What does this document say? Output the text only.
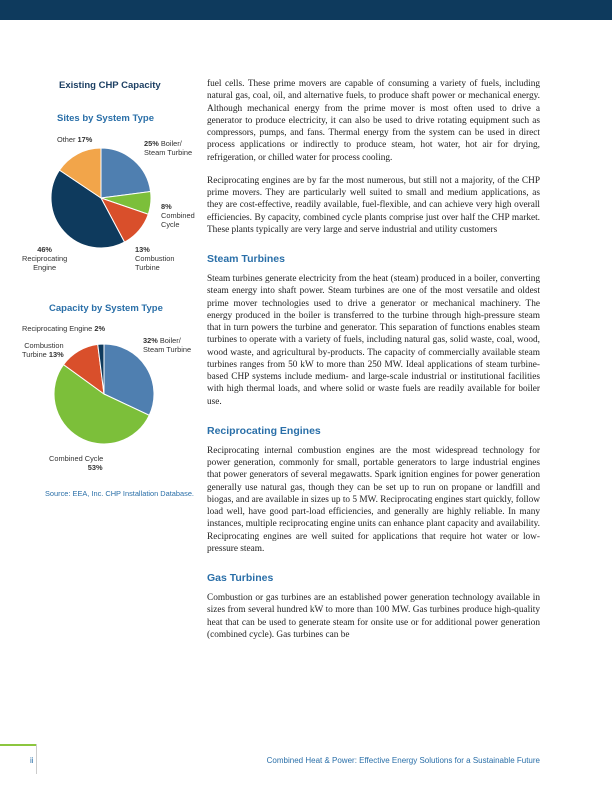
Existing CHP Capacity
Sites by System Type
25% Boiler/
Steam Turbine
8%
Combined
Cycle
13%
Combustion
Turbine
46%
Reciprocating
Engine
Other 17%
Capacity by System Type
32% Boiler/
Steam Turbine
Combined Cycle
53%
Combustion
Turbine 13%
Reciprocating Engine 2%
Source: EEA, Inc. CHP Installation Database.

fuel cells. These prime movers are capable of consuming a variety of fuels, including natural gas, coal, oil, and alternative fuels, to produce shaft power or mechanical energy. Although mechanical energy from the prime mover is most often used to drive a generator to produce electricity, it can also be used to drive rotating equipment such as compressors, pumps, and fans. Thermal energy from the system can be used in direct process applications or indirectly to produce steam, hot water, hot air for drying, refrigeration, or chilled water for process cooling.

Reciprocating engines are by far the most numerous, but still not a majority, of the CHP prime movers. They are particularly well suited to small and medium applications, as they are cost-effective, readily available, fuel-flexible, and can achieve very high overall efficiencies. By capacity, combined cycle plants comprise just over half the CHP market. These plants typically are very large and serve industrial and utility customers

Steam Turbines

Steam turbines generate electricity from the heat (steam) produced in a boiler, converting steam energy into shaft power. Steam turbines are one of the most versatile and oldest prime mover technologies used to drive a generator or mechanical machinery. The energy produced in the boiler is transferred to the turbine through high-pressure steam that in turn powers the turbine and generator. This separation of functions enables steam turbines to operate with a variety of fuels, including natural gas, solid waste, coal, wood, wood waste, and agricultural by-products. The capacity of commercially available steam turbines ranges from 50 kW to more than 250 MW. Ideal applications of steam turbine-based CHP systems include medium- and large-scale industrial or institutional facilities with high thermal loads, and where solid or waste fuels are readily available for boiler use.

Reciprocating Engines

Reciprocating internal combustion engines are the most widespread technology for power generation, commonly for small, portable generators to large industrial engines that power generators of several megawatts. Spark ignition engines for power generation generally use natural gas, though they can be set up to run on propane or landfill and biogas, and are available in sizes up to 5 MW. Reciprocating engines start quickly, follow load well, have good part-load efficiencies, and generally are highly reliable. In many instances, multiple reciprocating engine units can enhance plant capacity and availability. Reciprocating engines are well suited for applications that require hot water or low-pressure steam.

Gas Turbines

Combustion or gas turbines are an established power generation technology available in sizes from several hundred kW to more than 100 MW. Gas turbines produce high-quality heat that can be used to generate steam for onsite use or for additional power generation (combined cycle). Gas turbines can be

ii	Combined Heat & Power: Effective Energy Solutions for a Sustainable Future
